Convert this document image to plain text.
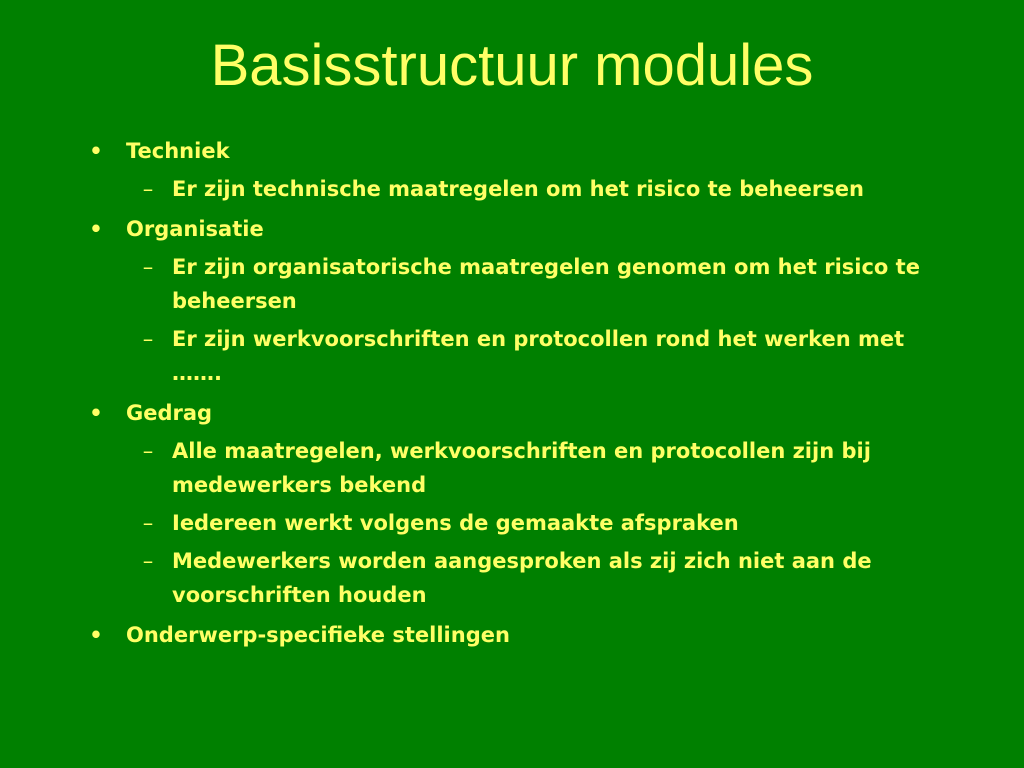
Basisstructuur modules
• Techniek
– Er zijn technische maatregelen om het risico te beheersen
• Organisatie
– Er zijn organisatorische maatregelen genomen om het risico te beheersen
– Er zijn werkvoorschriften en protocollen rond het werken met …….
• Gedrag
– Alle maatregelen, werkvoorschriften en protocollen zijn bij medewerkers bekend
– Iedereen werkt volgens de gemaakte afspraken
– Medewerkers worden aangesproken als zij zich niet aan de voorschriften houden
• Onderwerp-specifieke stellingen
